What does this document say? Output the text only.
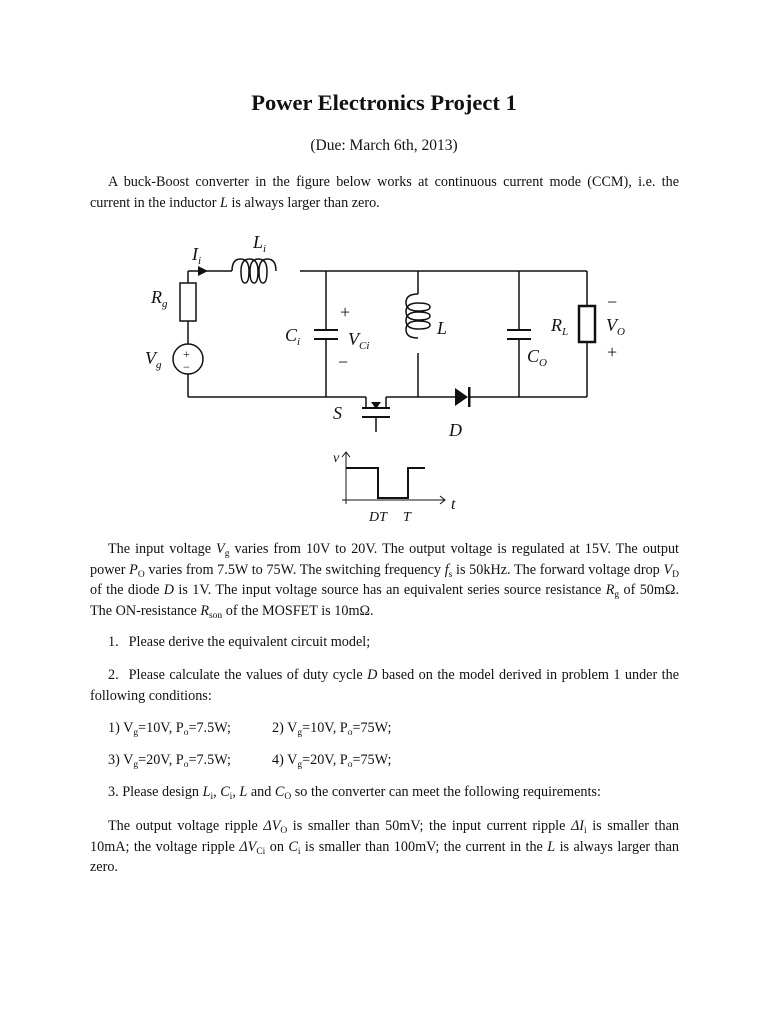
Power Electronics Project 1
(Due: March 6th, 2013)
A buck-Boost converter in the figure below works at continuous current mode (CCM), i.e. the current in the inductor L is always larger than zero.
$I_i$
$L_i$
$R_g$
$V_g$
$C_i$	$V_{Ci}$
L	$R_L$
$C_O$
$V_O$
S
D
v
t
DT T
+
−
−
+
+
−
The input voltage $V_g$ varies from 10V to 20V. The output voltage is regulated at 15V. The output power $P_O$ varies from 7.5W to 75W. The switching frequency $f_s$ is 50kHz. The forward voltage drop $V_D$ of the diode D is 1V. The input voltage source has an equivalent series source resistance $R_g$ of 50mΩ. The ON-resistance $R_{son}$ of the MOSFET is 10mΩ.
1. Please derive the equivalent circuit model;
2. Please calculate the values of duty cycle D based on the model derived in problem 1 under the following conditions:
1) $V_g=10V$, $P_o=7.5W$;	2) $V_g=10V$, $P_o=75W$;
3) $V_g=20V$, $P_o=7.5W$;	4) $V_g=20V$, $P_o=75W$;
3. Please design $L_i$, $C_i$, L and $C_O$ so the converter can meet the following requirements:
The output voltage ripple $\Delta V_O$ is smaller than 50mV; the input current ripple $\Delta I_i$ is smaller than 10mA; the voltage ripple $\Delta V_{Ci}$ on $C_i$ is smaller than 100mV; the current in the L is always larger than zero.
